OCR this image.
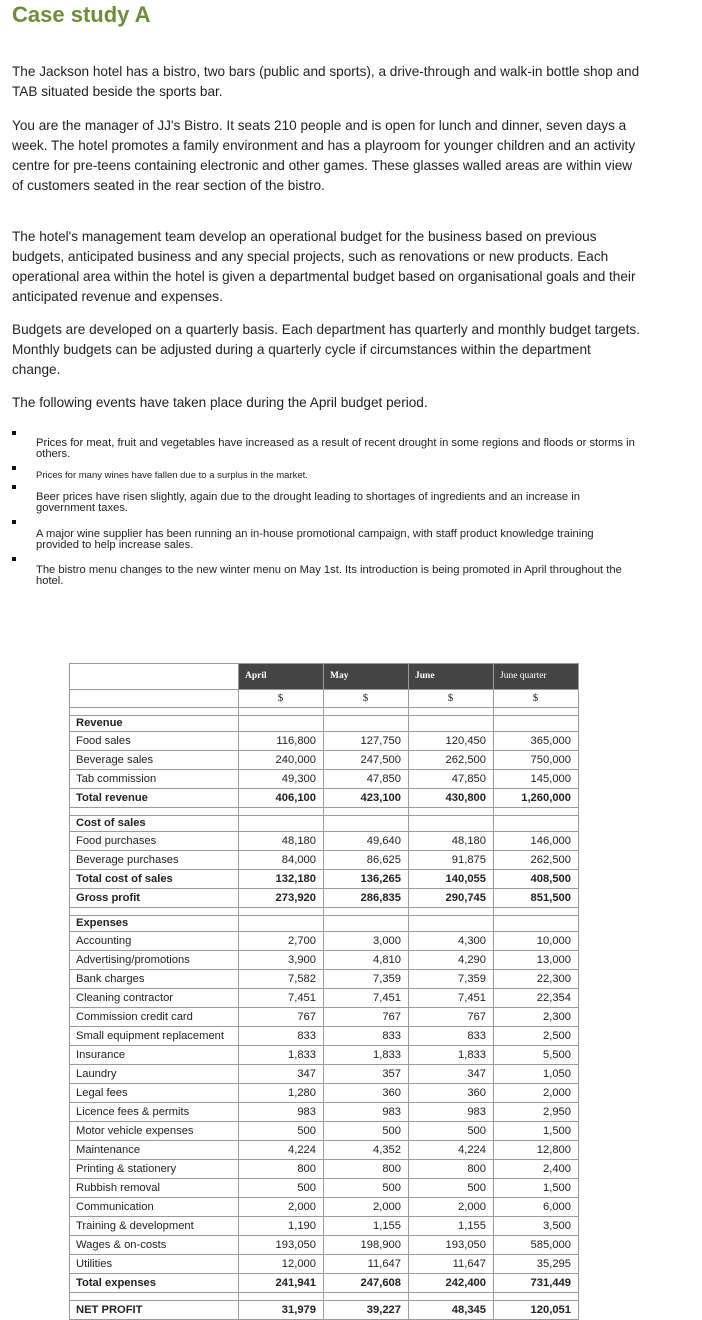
Case study A

The Jackson hotel has a bistro, two bars (public and sports), a drive-through and walk-in bottle shop and TAB situated beside the sports bar.

You are the manager of JJ's Bistro. It seats 210 people and is open for lunch and dinner, seven days a week. The hotel promotes a family environment and has a playroom for younger children and an activity centre for pre-teens containing electronic and other games. These glasses walled areas are within view of customers seated in the rear section of the bistro.

The hotel's management team develop an operational budget for the business based on previous budgets, anticipated business and any special projects, such as renovations or new products. Each operational area within the hotel is given a departmental budget based on organisational goals and their anticipated revenue and expenses.

Budgets are developed on a quarterly basis. Each department has quarterly and monthly budget targets. Monthly budgets can be adjusted during a quarterly cycle if circumstances within the department change.

The following events have taken place during the April budget period.

Prices for meat, fruit and vegetables have increased as a result of recent drought in some regions and floods or storms in others.
Prices for many wines have fallen due to a surplus in the market.
Beer prices have risen slightly, again due to the drought leading to shortages of ingredients and an increase in government taxes.
A major wine supplier has been running an in-house promotional campaign, with staff product knowledge training provided to help increase sales.
The bistro menu changes to the new winter menu on May 1st. Its introduction is being promoted in April throughout the hotel.
	April	May	June	June quarter
	$	$	$	$

Revenue				
Food sales	116,800	127,750	120,450	365,000
Beverage sales	240,000	247,500	262,500	750,000
Tab commission	49,300	47,850	47,850	145,000
Total revenue	406,100	423,100	430,800	1,260,000

Cost of sales				
Food purchases	48,180	49,640	48,180	146,000
Beverage purchases	84,000	86,625	91,875	262,500
Total cost of sales	132,180	136,265	140,055	408,500
Gross profit	273,920	286,835	290,745	851,500

Expenses				
Accounting	2,700	3,000	4,300	10,000
Advertising/promotions	3,900	4,810	4,290	13,000
Bank charges	7,582	7,359	7,359	22,300
Cleaning contractor	7,451	7,451	7,451	22,354
Commission credit card	767	767	767	2,300
Small equipment replacement	833	833	833	2,500
Insurance	1,833	1,833	1,833	5,500
Laundry	347	357	347	1,050
Legal fees	1,280	360	360	2,000
Licence fees & permits	983	983	983	2,950
Motor vehicle expenses	500	500	500	1,500
Maintenance	4,224	4,352	4,224	12,800
Printing & stationery	800	800	800	2,400
Rubbish removal	500	500	500	1,500
Communication	2,000	2,000	2,000	6,000
Training & development	1,190	1,155	1,155	3,500
Wages & on-costs	193,050	198,900	193,050	585,000
Utilities	12,000	11,647	11,647	35,295
Total expenses	241,941	247,608	242,400	731,449

NET PROFIT	31,979	39,227	48,345	120,051
